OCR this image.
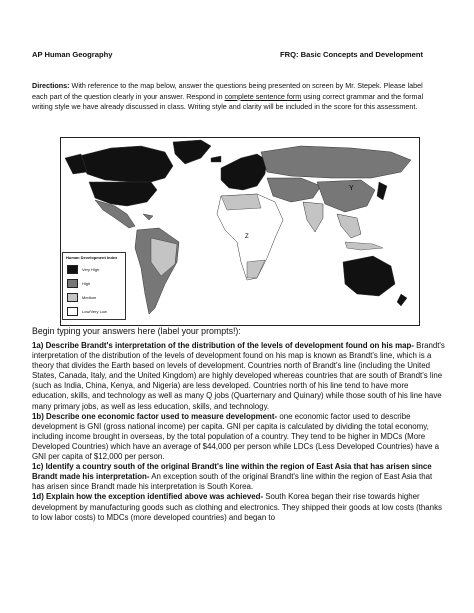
AP Human Geography	FRQ: Basic Concepts and Development
Directions: With reference to the map below, answer the questions being presented on screen by Mr. Stepek. Please label each part of the question clearly in your answer. Respond in complete sentence form using correct grammar and the formal writing style we have already discussed in class. Writing style and clarity will be included in the score for this assessment.
X
Y
Z
Human Development Index
Very High
High
Medium
Low/Very Low
Begin typing your answers here (label your prompts!):

1a) Describe Brandt's interpretation of the distribution of the levels of development found on his map- Brandt's interpretation of the distribution of the levels of development found on his map is known as Brandt's line, which is a theory that divides the Earth based on levels of development. Countries north of Brandt's line (including the United States, Canada, Italy, and the United Kingdom) are highly developed whereas countries that are south of Brandt's line (such as India, China, Kenya, and Nigeria) are less developed. Countries north of his line tend to have more education, skills, and technology as well as many Q jobs (Quarternary and Quinary) while those south of his line have many primary jobs, as well as less education, skills, and technology.

1b) Describe one economic factor used to measure development- one economic factor used to describe development is GNI (gross national income) per capita. GNI per capita is calculated by dividing the total economy, including income brought in overseas, by the total population of a country. They tend to be higher in MDCs (More Developed Countries) which have an average of $44,000 per person while LDCs (Less Developed Countries) have a GNI per capita of $12,000 per person.

1c) Identify a country south of the original Brandt's line within the region of East Asia that has arisen since Brandt made his interpretation- An exception south of the original Brandt's line within the region of East Asia that has arisen since Brandt made his interpretation is South Korea.

1d) Explain how the exception identified above was achieved- South Korea began their rise towards higher development by manufacturing goods such as clothing and electronics. They shipped their goods at low costs (thanks to low labor costs) to MDCs (more developed countries) and began to
